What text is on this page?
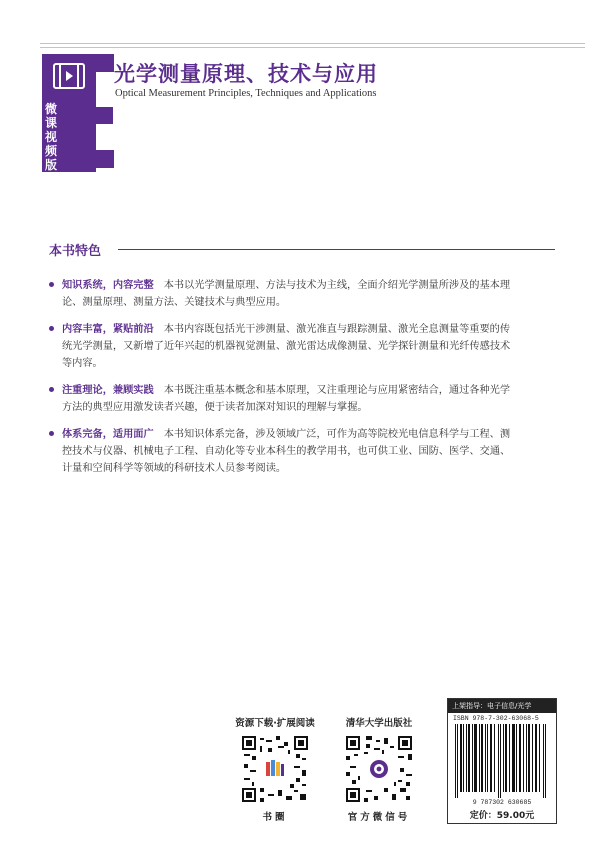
微
课
视
频
版
光学测量原理、技术与应用
Optical Measurement Principles, Techniques and Applications
本书特色
知识系统，内容完整 本书以光学测量原理、方法与技术为主线，全面介绍光学测量所涉及的基本理
论、测量原理、测量方法、关键技术与典型应用。
内容丰富，紧贴前沿 本书内容既包括光干涉测量、激光准直与跟踪测量、激光全息测量等重要的传
统光学测量，又新增了近年兴起的机器视觉测量、激光雷达成像测量、光学探针测量和光纤传感技术
等内容。
注重理论，兼顾实践 本书既注重基本概念和基本原理，又注重理论与应用紧密结合，通过各种光学
方法的典型应用激发读者兴趣，便于读者加深对知识的理解与掌握。
体系完备，适用面广 本书知识体系完备，涉及领域广泛，可作为高等院校光电信息科学与工程、测
控技术与仪器、机械电子工程、自动化等专业本科生的教学用书，也可供工业、国防、医学、交通、
计量和空间科学等领域的科研技术人员参考阅读。
资源下载·扩展阅读
书圈
清华大学出版社
官方微信号
上架指导：电子信息/光学
ISBN 978-7-302-63068-5
9 787302 630685
定价：59.00元
